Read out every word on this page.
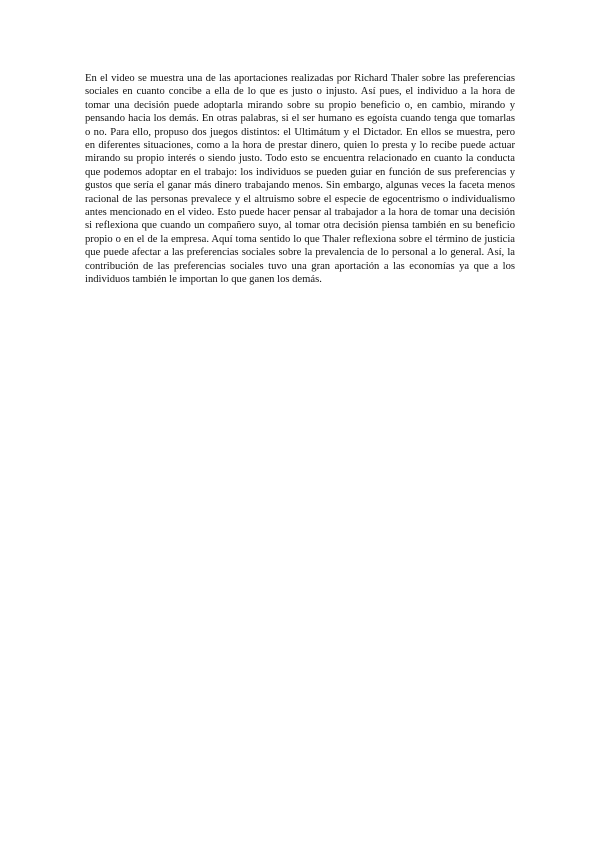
En el video se muestra una de las aportaciones realizadas por Richard Thaler sobre las preferencias sociales en cuanto concibe a ella de lo que es justo o injusto. Así pues, el individuo a la hora de tomar una decisión puede adoptarla mirando sobre su propio beneficio o, en cambio, mirando y pensando hacia los demás. En otras palabras, si el ser humano es egoísta cuando tenga que tomarlas o no. Para ello, propuso dos juegos distintos: el Ultimátum y el Dictador. En ellos se muestra, pero en diferentes situaciones, como a la hora de prestar dinero, quien lo presta y lo recibe puede actuar mirando su propio interés o siendo justo. Todo esto se encuentra relacionado en cuanto la conducta que podemos adoptar en el trabajo: los individuos se pueden guiar en función de sus preferencias y gustos que sería el ganar más dinero trabajando menos. Sin embargo, algunas veces la faceta menos racional de las personas prevalece y el altruismo sobre el especie de egocentrismo o individualismo antes mencionado en el video. Esto puede hacer pensar al trabajador a la hora de tomar una decisión si reflexiona que cuando un compañero suyo, al tomar otra decisión piensa también en su beneficio propio o en el de la empresa. Aquí toma sentido lo que Thaler reflexiona sobre el término de justicia que puede afectar a las preferencias sociales sobre la prevalencia de lo personal a lo general. Así, la contribución de las preferencias sociales tuvo una gran aportación a las economías ya que a los individuos también le importan lo que ganen los demás.
